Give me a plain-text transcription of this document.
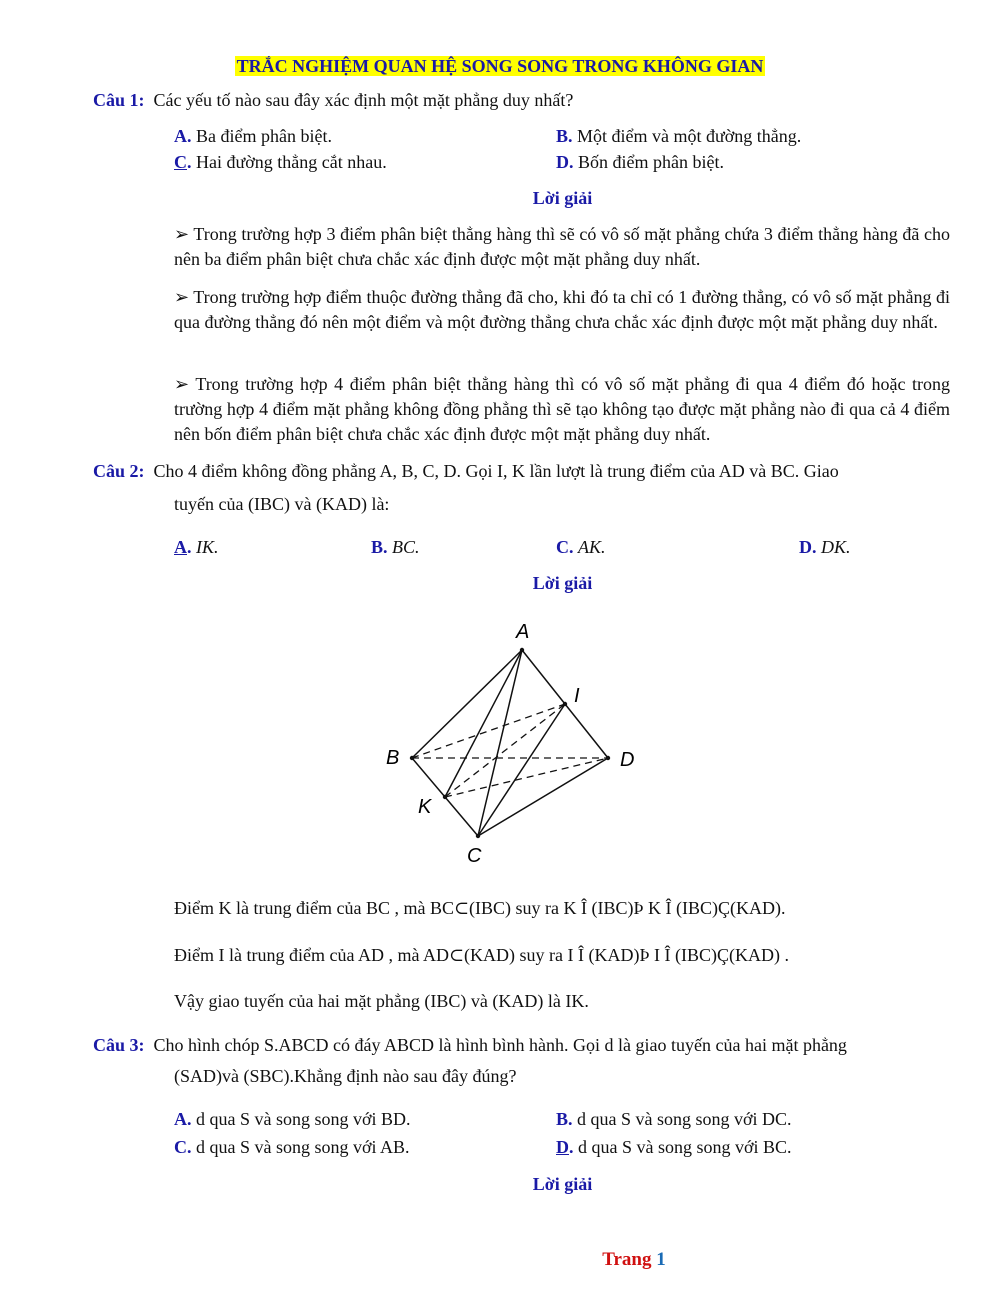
TRẮC NGHIỆM QUAN HỆ SONG SONG TRONG KHÔNG GIAN
Câu 1: Các yếu tố nào sau đây xác định một mặt phẳng duy nhất?
A. Ba điểm phân biệt.	B. Một điểm và một đường thẳng.
C. Hai đường thẳng cắt nhau.	D. Bốn điểm phân biệt.
Lời giải
➢ Trong trường hợp 3 điểm phân biệt thẳng hàng thì sẽ có vô số mặt phẳng chứa 3 điểm thẳng hàng đã cho nên ba điểm phân biệt chưa chắc xác định được một mặt phẳng duy nhất.
➢ Trong trường hợp điểm thuộc đường thẳng đã cho, khi đó ta chỉ có 1 đường thẳng, có vô số mặt phẳng đi qua đường thẳng đó nên một điểm và một đường thẳng chưa chắc xác định được một mặt phẳng duy nhất.
➢ Trong trường hợp 4 điểm phân biệt thẳng hàng thì có vô số mặt phẳng đi qua 4 điểm đó hoặc trong trường hợp 4 điểm mặt phẳng không đồng phẳng thì sẽ tạo không tạo được mặt phẳng nào đi qua cả 4 điểm nên bốn điểm phân biệt chưa chắc xác định được một mặt phẳng duy nhất.
Câu 2: Cho 4 điểm không đồng phẳng A, B, C, D. Gọi I, K lần lượt là trung điểm của AD và BC. Giao
tuyến của (IBC) và (KAD) là:
A. IK.	B. BC.	C. AK.	D. DK.
Lời giải
A
B	D
C
I
K
Điểm K là trung điểm của BC , mà BC⊂(IBC) suy ra K Î (IBC)Þ K Î (IBC)Ç(KAD).
Điểm I là trung điểm của AD , mà AD⊂(KAD) suy ra I Î (KAD)Þ I Î (IBC)Ç(KAD) .
Vậy giao tuyến của hai mặt phẳng (IBC) và (KAD) là IK.
Câu 3: Cho hình chóp S.ABCD có đáy ABCD là hình bình hành. Gọi d là giao tuyến của hai mặt phẳng
(SAD)và (SBC).Khẳng định nào sau đây đúng?
A. d qua S và song song với BD.	B. d qua S và song song với DC.
C. d qua S và song song với AB.	D. d qua S và song song với BC.
Lời giải
Trang 1
